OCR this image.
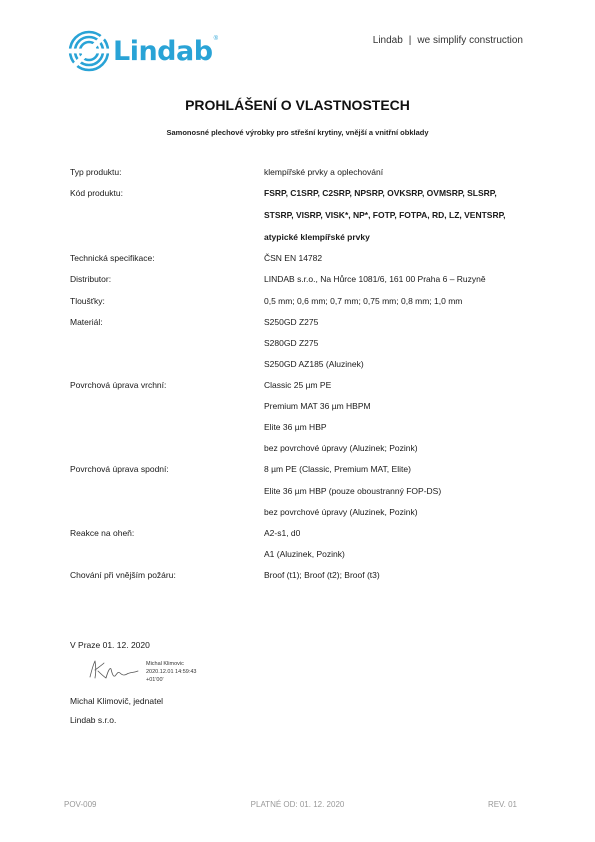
Lindab ®	Lindab | we simplify construction
PROHLÁŠENÍ O VLASTNOSTECH
Samonosné plechové výrobky pro střešní krytiny, vnější a vnitřní obklady
Typ produktu:	klempířské prvky a oplechování
Kód produktu:	FSRP, C1SRP, C2SRP, NPSRP, OVKSRP, OVMSRP, SLSRP,
STSRP, VISRP, VISK*, NP*, FOTP, FOTPA, RD, LZ, VENTSRP,
atypické klempířské prvky
Technická specifikace:	ČSN EN 14782
Distributor:	LINDAB s.r.o., Na Hůrce 1081/6, 161 00 Praha 6 – Ruzyně
Tloušťky:	0,5 mm; 0,6 mm; 0,7 mm; 0,75 mm; 0,8 mm; 1,0 mm
Materiál:	S250GD Z275
S280GD Z275
S250GD AZ185 (Aluzinek)
Povrchová úprava vrchní:	Classic 25 µm PE
Premium MAT 36 µm HBPM
Elite 36 µm HBP
bez povrchové úpravy (Aluzinek; Pozink)
Povrchová úprava spodní:	8 µm PE (Classic, Premium MAT, Elite)
Elite 36 µm HBP (pouze oboustranný FOP-DS)
bez povrchové úpravy (Aluzinek, Pozink)
Reakce na oheň:	A2-s1, d0
A1 (Aluzinek, Pozink)
Chování při vnějším požáru:	Broof (t1); Broof (t2); Broof (t3)
V Praze 01. 12. 2020
Michal Klimovic
2020.12.01 14:59:43
+01'00'
Michal Klimovič, jednatel
Lindab s.r.o.
POV-009	PLATNÉ OD: 01. 12. 2020	REV. 01
